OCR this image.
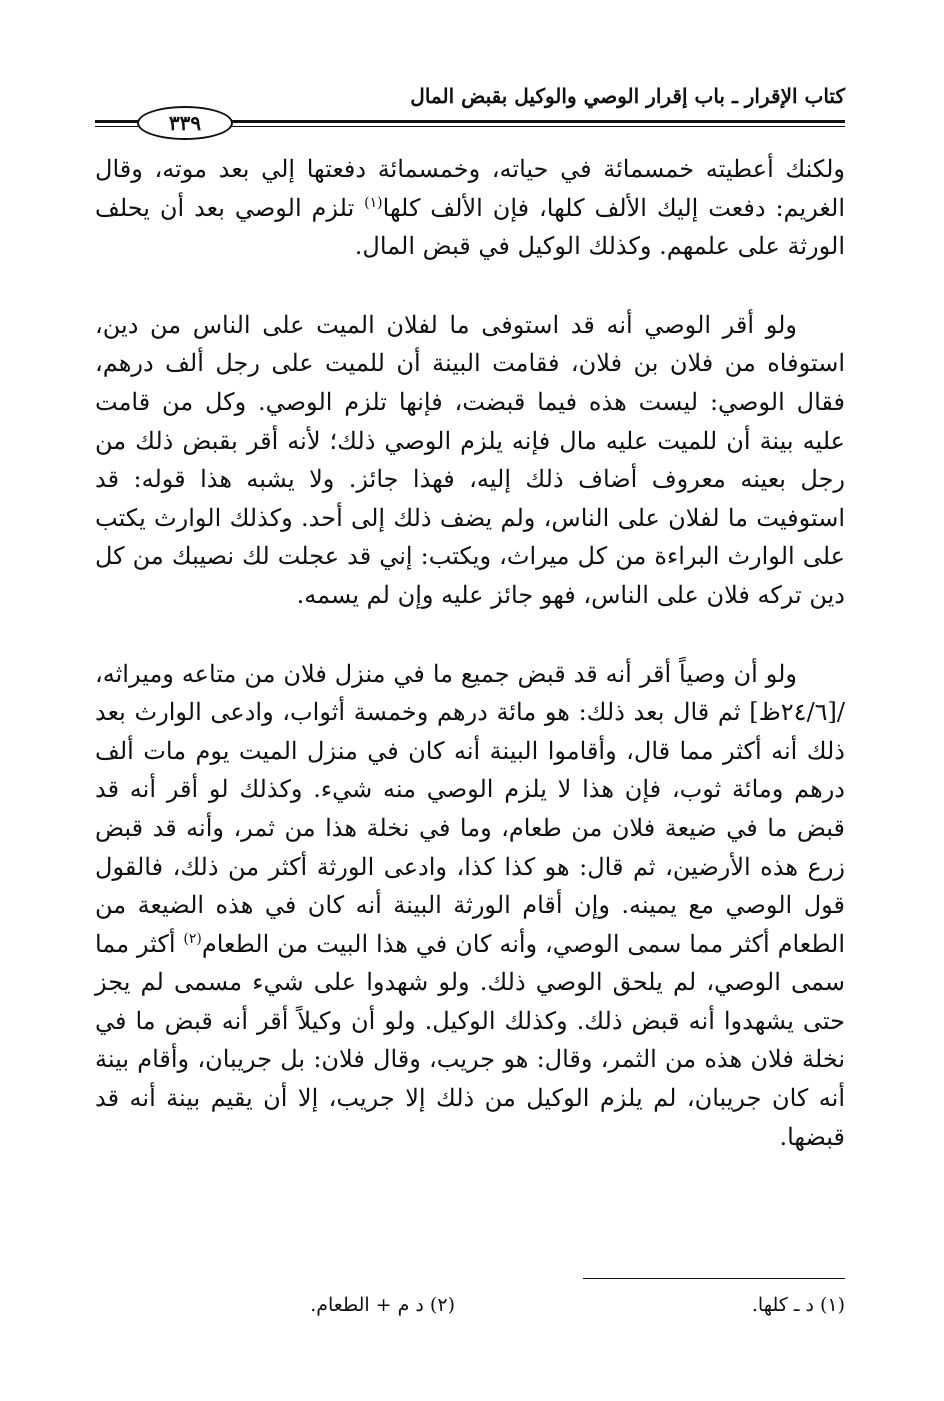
كتاب الإقرار ـ باب إقرار الوصي والوكيل بقبض المال
٣٣٩

ولكنك أعطيته خمسمائة في حياته، وخمسمائة دفعتها إلي بعد موته، وقال الغريم: دفعت إليك الألف كلها، فإن الألف كلها$^{(١)}$ تلزم الوصي بعد أن يحلف الورثة على علمهم. وكذلك الوكيل في قبض المال.

ولو أقر الوصي أنه قد استوفى ما لفلان الميت على الناس من دين، استوفاه من فلان بن فلان، فقامت البينة أن للميت على رجل ألف درهم، فقال الوصي: ليست هذه فيما قبضت، فإنها تلزم الوصي. وكل من قامت عليه بينة أن للميت عليه مال فإنه يلزم الوصي ذلك؛ لأنه أقر بقبض ذلك من رجل بعينه معروف أضاف ذلك إليه، فهذا جائز. ولا يشبه هذا قوله: قد استوفيت ما لفلان على الناس، ولم يضف ذلك إلى أحد. وكذلك الوارث يكتب على الوارث البراءة من كل ميراث، ويكتب: إني قد عجلت لك نصيبك من كل دين تركه فلان على الناس، فهو جائز عليه وإن لم يسمه.

ولو أن وصياً أقر أنه قد قبض جميع ما في منزل فلان من متاعه وميراثه، /[٢٤/٦ظ] ثم قال بعد ذلك: هو مائة درهم وخمسة أثواب، وادعى الوارث بعد ذلك أنه أكثر مما قال، وأقاموا البينة أنه كان في منزل الميت يوم مات ألف درهم ومائة ثوب، فإن هذا لا يلزم الوصي منه شيء. وكذلك لو أقر أنه قد قبض ما في ضيعة فلان من طعام، وما في نخلة هذا من ثمر، وأنه قد قبض زرع هذه الأرضين، ثم قال: هو كذا كذا، وادعى الورثة أكثر من ذلك، فالقول قول الوصي مع يمينه. وإن أقام الورثة البينة أنه كان في هذه الضيعة من الطعام أكثر مما سمى الوصي، وأنه كان في هذا البيت من الطعام$^{(٢)}$ أكثر مما سمى الوصي، لم يلحق الوصي ذلك. ولو شهدوا على شيء مسمى لم يجز حتى يشهدوا أنه قبض ذلك. وكذلك الوكيل. ولو أن وكيلاً أقر أنه قبض ما في نخلة فلان هذه من الثمر، وقال: هو جريب، وقال فلان: بل جريبان، وأقام بينة أنه كان جريبان، لم يلزم الوكيل من ذلك إلا جريب، إلا أن يقيم بينة أنه قد قبضها.

(١) د ـ كلها.
(٢) د م + الطعام.
